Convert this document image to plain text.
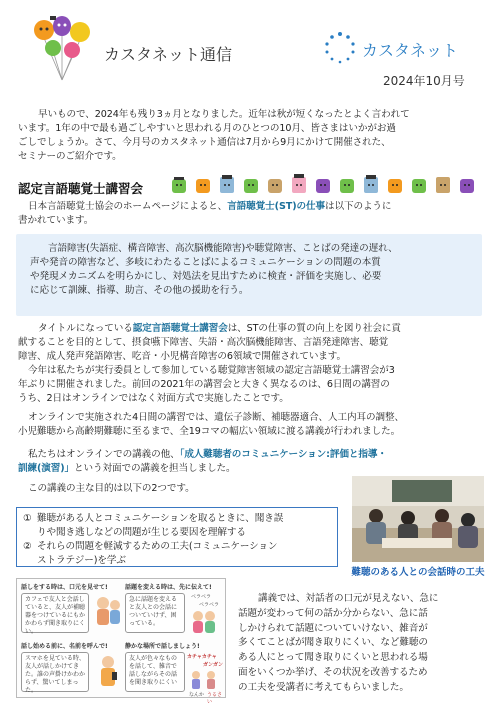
カスタネット通信	カスタネット
2024年10月号
早いもので、2024年も残り3ヵ月となりました。近年は秋が短くなったとよく言われて
います。1年の中で最も過ごしやすいと思われる月のひとつの10月、皆さまはいかがお過
ごしでしょうか。さて、今月号のカスタネット通信は7月から9月にかけて開催された、
セミナーのご紹介です。
認定言語聴覚士講習会
日本言語聴覚士協会のホームページによると、言語聴覚士(ST)の仕事は以下のように
書かれています。
言語障害(失語症、構音障害、高次脳機能障害)や聴覚障害、ことばの発達の遅れ、
声や発音の障害など、多岐にわたることばによるコミュニケーションの問題の本質
や発現メカニズムを明らかにし、対処法を見出すために検査・評価を実施し、必要
に応じて訓練、指導、助言、その他の援助を行う。
タイトルになっている認定言語聴覚士講習会は、STの仕事の質の向上を図り社会に貢
献することを目的として、摂食嚥下障害、失語・高次脳機能障害、言語発達障害、聴覚
障害、成人発声発語障害、吃音・小児構音障害の6領域で開催されています。
今年は私たちが実行委員として参加している聴覚障害領域の認定言語聴覚士講習会が3
年ぶりに開催されました。前回の2021年の講習会と大きく異なるのは、6日間の講習の
うち、2日はオンラインではなく対面方式で実施したことです。
オンラインで実施された4日間の講習では、遺伝子診断、補聴器適合、人工内耳の調整、
小児難聴から高齢期難聴に至るまで、全19コマの幅広い領域に渡る講義が行われました。
私たちはオンラインでの講義の他、「成人難聴者のコミュニケーション:評価と指導・
訓練(演習)」という対面での講義を担当しました。
この講義の主な目的は以下の2つです。
① 難聴がある人とコミュニケーションを取るときに、聞き誤
りや聞き逃しなどの問題が生じる要因を理解する
② それらの問題を軽減するための工夫(コミュニケーション
ストラテジー)を学ぶ
難聴のある人との会話時の工夫
話しをする時は、口元を見せて!	話題を変える時は、先に伝えて!
カフェで友人と会話していると、友人が補聴器をつけているにもかかわらず聞き取りにくい。
急に話題を変えると友人との会話についていけず、困っている。
ペラペラ
ペラペラ
話し始める前に、名前を呼んで!	静かな場所で話しましょう!
スマホを見ている時、友人が話しかけてきた。誰の声掛けかわからず、驚いてしまった。
友人が色々なものを話して、雑音で話しながらその話を聞き取りにくい
カチャカチャ
ガンガン
なんか うるさい
講義では、対話者の口元が見えない、急に
話題が変わって何の話か分からない、急に話
しかけられて話題についていけない、雑音が
多くてことばが聞き取りにくい、など難聴の
ある人にとって聞き取りにくいと思われる場
面をいくつか挙げ、その状況を改善するため
の工夫を受講者に考えてもらいました。
